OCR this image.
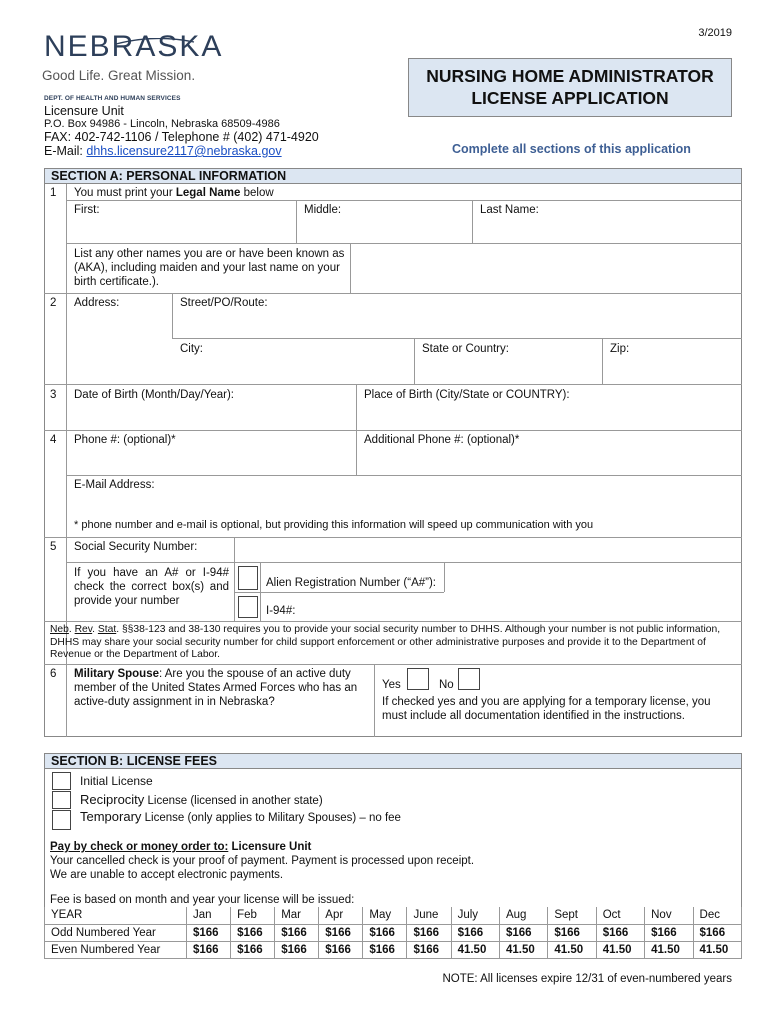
3/2019
NEBRASKA
Good Life. Great Mission.
DEPT. OF HEALTH AND HUMAN SERVICES
Licensure Unit
P.O. Box 94986 - Lincoln, Nebraska 68509-4986
FAX: 402-742-1106 / Telephone # (402) 471-4920
E-Mail: dhhs.licensure2117@nebraska.gov
NURSING HOME ADMINISTRATOR
LICENSE APPLICATION
Complete all sections of this application
SECTION A: PERSONAL INFORMATION
1 You must print your Legal Name below
First:	Middle:	Last Name:
List any other names you are or have been known as (AKA), including maiden and your last name on your birth certificate.).
2 Address:	Street/PO/Route:
City:	State or Country:	Zip:
3 Date of Birth (Month/Day/Year):	Place of Birth (City/State or COUNTRY):
4 Phone #: (optional)*	Additional Phone #: (optional)*
E-Mail Address:
* phone number and e-mail is optional, but providing this information will speed up communication with you
5 Social Security Number:
If you have an A# or I-94# check the correct box(s) and provide your number
Alien Registration Number (“A#”):
I-94#:
Neb. Rev. Stat. §§38-123 and 38-130 requires you to provide your social security number to DHHS. Although your number is not public information, DHHS may share your social security number for child support enforcement or other administrative purposes and provide it to the Department of Revenue or the Department of Labor.
6 Military Spouse: Are you the spouse of an active duty member of the United States Armed Forces who has an active-duty assignment in in Nebraska?
Yes	No
If checked yes and you are applying for a temporary license, you must include all documentation identified in the instructions.
SECTION B: LICENSE FEES
Initial License
Reciprocity License (licensed in another state)
Temporary License (only applies to Military Spouses) – no fee
Pay by check or money order to: Licensure Unit
Your cancelled check is your proof of payment. Payment is processed upon receipt.
We are unable to accept electronic payments.
Fee is based on month and year your license will be issued:
YEAR	Jan	Feb	Mar	Apr	May	June	July	Aug	Sept	Oct	Nov	Dec
Odd Numbered Year	$166	$166	$166	$166	$166	$166	$166	$166	$166	$166	$166	$166
Even Numbered Year	$166	$166	$166	$166	$166	$166	41.50	41.50	41.50	41.50	41.50	41.50
NOTE: All licenses expire 12/31 of even-numbered years
